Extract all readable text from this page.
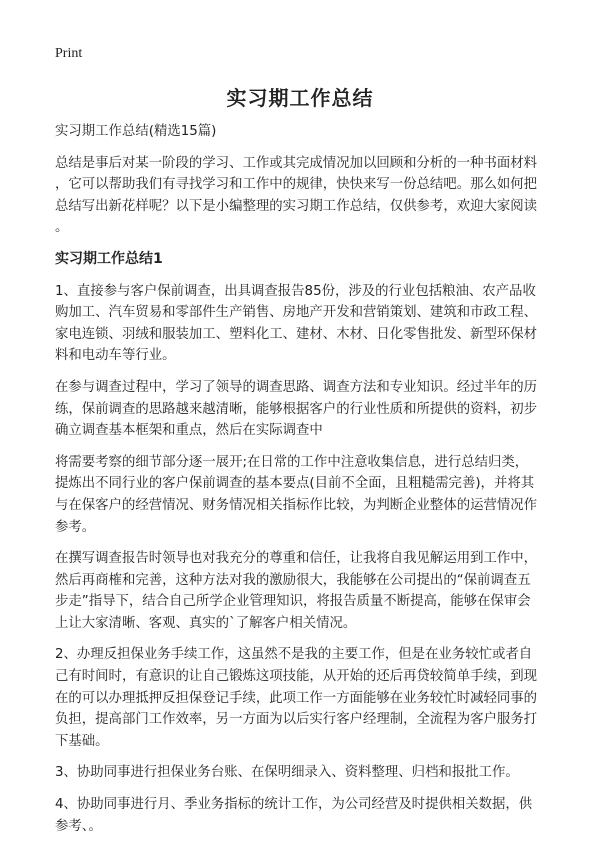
Print
实习期工作总结

实习期工作总结(精选15篇)

总结是事后对某一阶段的学习、工作或其完成情况加以回顾和分析的一种书面材料
，它可以帮助我们有寻找学习和工作中的规律，快快来写一份总结吧。那么如何把
总结写出新花样呢？以下是小编整理的实习期工作总结，仅供参考，欢迎大家阅读
。

实习期工作总结1

1、直接参与客户保前调查，出具调查报告85份，涉及的行业包括粮油、农产品收
购加工、汽车贸易和零部件生产销售、房地产开发和营销策划、建筑和市政工程、
家电连锁、羽绒和服装加工、塑料化工、建材、木材、日化零售批发、新型环保材
料和电动车等行业。

在参与调查过程中，学习了领导的调查思路、调查方法和专业知识。经过半年的历
练，保前调查的思路越来越清晰，能够根据客户的行业性质和所提供的资料，初步
确立调查基本框架和重点，然后在实际调查中

将需要考察的细节部分逐一展开;在日常的工作中注意收集信息，进行总结归类，
提炼出不同行业的客户保前调查的基本要点(目前不全面，且粗糙需完善)，并将其
与在保客户的经营情况、财务情况相关指标作比较，为判断企业整体的运营情况作
参考。

在撰写调查报告时领导也对我充分的尊重和信任，让我将自我见解运用到工作中，
然后再商榷和完善，这种方法对我的激励很大，我能够在公司提出的“保前调查五
步走”指导下，结合自己所学企业管理知识，将报告质量不断提高，能够在保审会
上让大家清晰、客观、真实的`了解客户相关情况。

2、办理反担保业务手续工作，这虽然不是我的主要工作，但是在业务较忙或者自
己有时间时，有意识的让自己锻炼这项技能，从开始的还后再贷较简单手续，到现
在的可以办理抵押反担保登记手续，此项工作一方面能够在业务较忙时减轻同事的
负担，提高部门工作效率，另一方面为以后实行客户经理制，全流程为客户服务打
下基础。

3、协助同事进行担保业务台账、在保明细录入、资料整理、归档和报批工作。

4、协助同事进行月、季业务指标的统计工作，为公司经营及时提供相关数据，供
参考、。
